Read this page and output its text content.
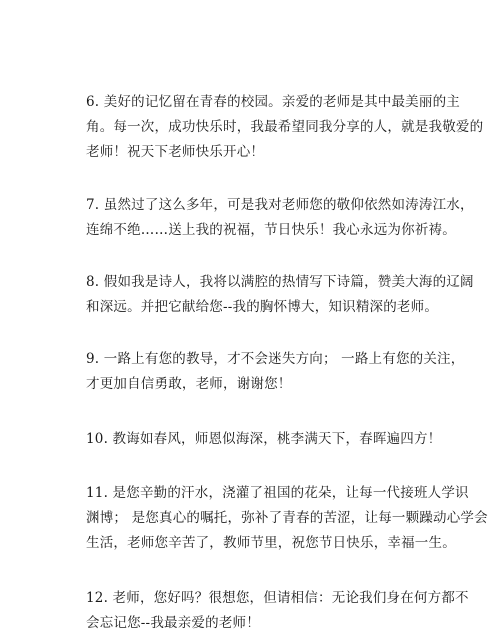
6. 美好的记忆留在青春的校园。亲爱的老师是其中最美丽的主
角。每一次，成功快乐时，我最希望同我分享的人，就是我敬爱的
老师！祝天下老师快乐开心！
7. 虽然过了这么多年，可是我对老师您的敬仰依然如涛涛江水，
连绵不绝……送上我的祝福，节日快乐！我心永远为你祈祷。
8. 假如我是诗人，我将以满腔的热情写下诗篇，赞美大海的辽阔
和深远。并把它献给您--我的胸怀博大，知识精深的老师。
9. 一路上有您的教导，才不会迷失方向； 一路上有您的关注，
才更加自信勇敢，老师，谢谢您！
10. 教诲如春风，师恩似海深，桃李满天下，春晖遍四方！
11. 是您辛勤的汗水，浇灌了祖国的花朵，让每一代接班人学识
渊博； 是您真心的嘱托，弥补了青春的苦涩，让每一颗躁动心学会
生活，老师您辛苦了，教师节里，祝您节日快乐，幸福一生。
12. 老师，您好吗？很想您，但请相信：无论我们身在何方都不
会忘记您--我最亲爱的老师！
